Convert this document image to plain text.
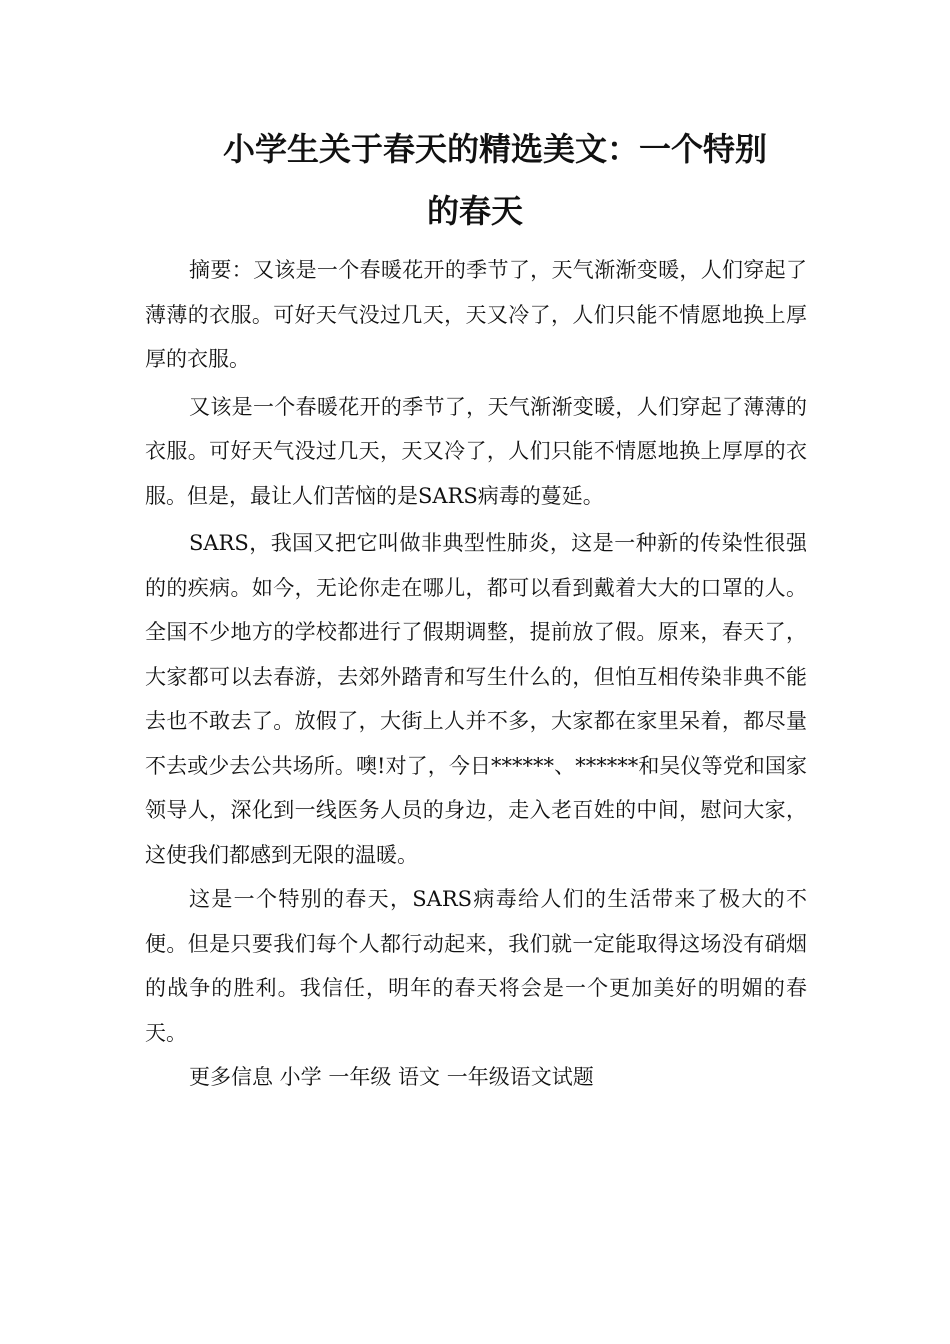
小学生关于春天的精选美文：一个特别
的春天

摘要：又该是一个春暖花开的季节了，天气渐渐变暖，人们穿起了薄薄的衣服。可好天气没过几天，天又冷了，人们只能不情愿地换上厚厚的衣服。

又该是一个春暖花开的季节了，天气渐渐变暖，人们穿起了薄薄的衣服。可好天气没过几天，天又冷了，人们只能不情愿地换上厚厚的衣服。但是，最让人们苦恼的是SARS病毒的蔓延。

SARS，我国又把它叫做非典型性肺炎，这是一种新的传染性很强的的疾病。如今，无论你走在哪儿，都可以看到戴着大大的口罩的人。全国不少地方的学校都进行了假期调整，提前放了假。原来，春天了，大家都可以去春游，去郊外踏青和写生什么的，但怕互相传染非典不能去也不敢去了。放假了，大街上人并不多，大家都在家里呆着，都尽量不去或少去公共场所。噢!对了，今日******、******和吴仪等党和国家领导人，深化到一线医务人员的身边，走入老百姓的中间，慰问大家，这使我们都感到无限的温暖。

这是一个特别的春天，SARS病毒给人们的生活带来了极大的不便。但是只要我们每个人都行动起来，我们就一定能取得这场没有硝烟的战争的胜利。我信任，明年的春天将会是一个更加美好的明媚的春天。

更多信息 小学 一年级 语文 一年级语文试题
